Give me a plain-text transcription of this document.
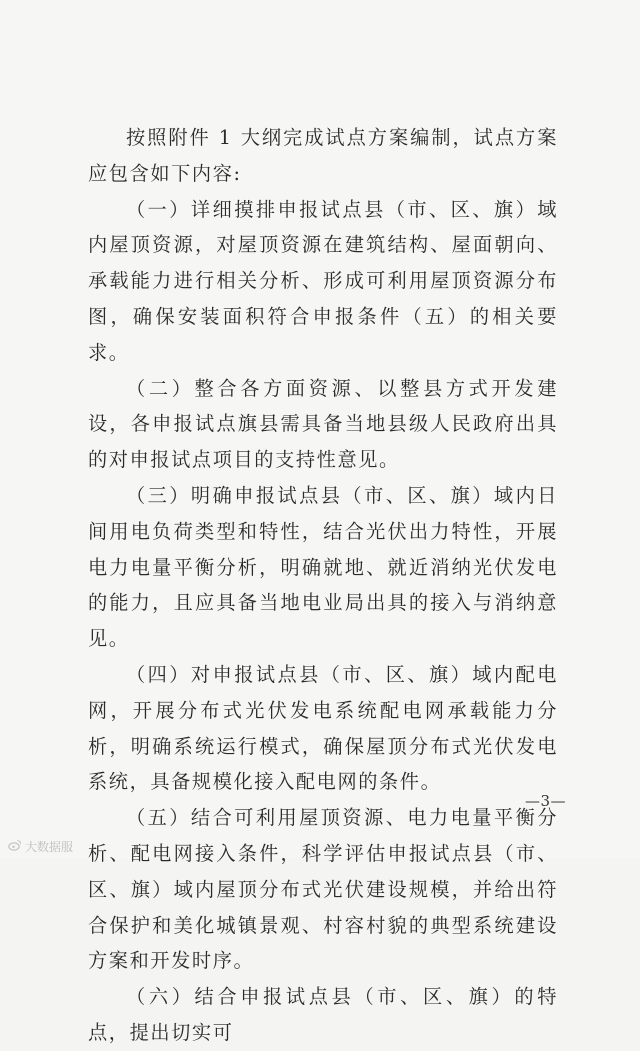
按照附件 1 大纲完成试点方案编制，试点方案应包含如下内容:

（一）详细摸排申报试点县（市、区、旗）域内屋顶资源，对屋顶资源在建筑结构、屋面朝向、承载能力进行相关分析、形成可利用屋顶资源分布图，确保安装面积符合申报条件（五）的相关要求。

（二）整合各方面资源、以整县方式开发建设，各申报试点旗县需具备当地县级人民政府出具的对申报试点项目的支持性意见。

（三）明确申报试点县（市、区、旗）域内日间用电负荷类型和特性，结合光伏出力特性，开展电力电量平衡分析，明确就地、就近消纳光伏发电的能力，且应具备当地电业局出具的接入与消纳意见。

（四）对申报试点县（市、区、旗）域内配电网，开展分布式光伏发电系统配电网承载能力分析，明确系统运行模式，确保屋顶分布式光伏发电系统，具备规模化接入配电网的条件。

（五）结合可利用屋顶资源、电力电量平衡分析、配电网接入条件，科学评估申报试点县（市、区、旗）域内屋顶分布式光伏建设规模，并给出符合保护和美化城镇景观、村容村貌的典型系统建设方案和开发时序。

（六）结合申报试点县（市、区、旗）的特点，提出切实可

—3—
大数据服
